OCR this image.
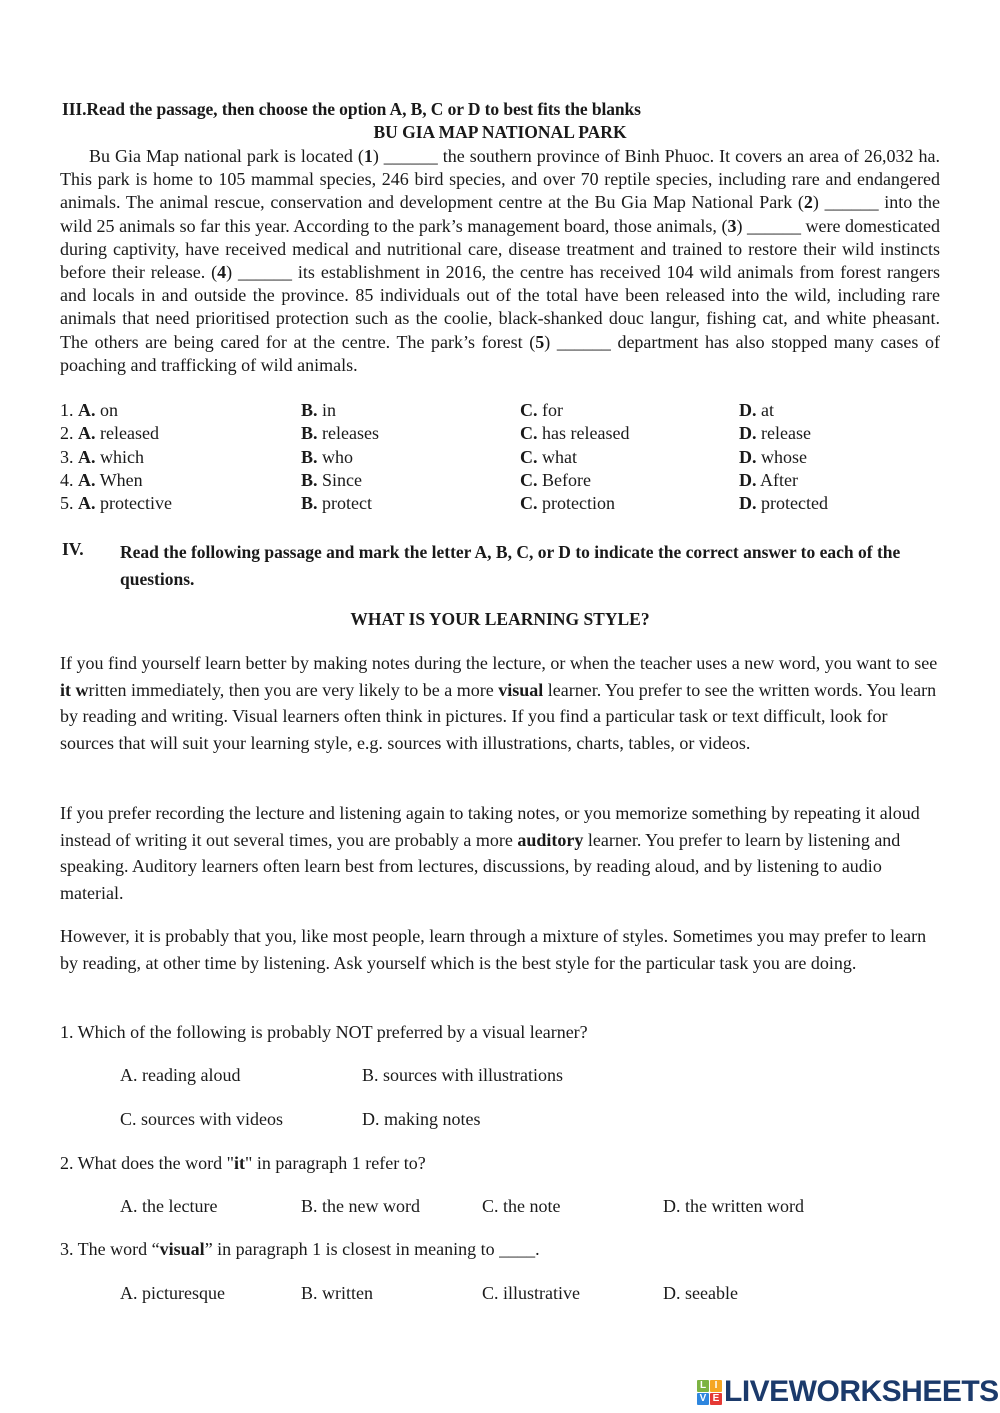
III.Read the passage, then choose the option A, B, C or D to best fits the blanks
BU GIA MAP NATIONAL PARK

Bu Gia Map national park is located (1) ______ the southern province of Binh Phuoc. It covers an area of 26,032 ha. This park is home to 105 mammal species, 246 bird species, and over 70 reptile species, including rare and endangered animals. The animal rescue, conservation and development centre at the Bu Gia Map National Park (2) ______ into the wild 25 animals so far this year. According to the park’s management board, those animals, (3) ______ were domesticated during captivity, have received medical and nutritional care, disease treatment and trained to restore their wild instincts before their release. (4) ______ its establishment in 2016, the centre has received 104 wild animals from forest rangers and locals in and outside the province. 85 individuals out of the total have been released into the wild, including rare animals that need prioritised protection such as the coolie, black-shanked douc langur, fishing cat, and white pheasant. The others are being cared for at the centre. The park’s forest (5) ______ department has also stopped many cases of poaching and trafficking of wild animals.

1. A. on	B. in	C. for	D. at
2. A. released	B. releases	C. has released	D. release
3. A. which	B. who	C. what	D. whose
4. A. When	B. Since	C. Before	D. After
5. A. protective	B. protect	C. protection	D. protected
IV. Read the following passage and mark the letter A, B, C, or D to indicate the correct answer to each of the questions.
WHAT IS YOUR LEARNING STYLE?

If you find yourself learn better by making notes during the lecture, or when the teacher uses a new word, you want to see it written immediately, then you are very likely to be a more visual learner. You prefer to see the written words. You learn by reading and writing. Visual learners often think in pictures. If you find a particular task or text difficult, look for sources that will suit your learning style, e.g. sources with illustrations, charts, tables, or videos.

If you prefer recording the lecture and listening again to taking notes, or you memorize something by repeating it aloud instead of writing it out several times, you are probably a more auditory learner. You prefer to learn by listening and speaking. Auditory learners often learn best from lectures, discussions, by reading aloud, and by listening to audio material.

However, it is probably that you, like most people, learn through a mixture of styles. Sometimes you may prefer to learn by reading, at other time by listening. Ask yourself which is the best style for the particular task you are doing.

1. Which of the following is probably NOT preferred by a visual learner?
A. reading aloud	B. sources with illustrations
C. sources with videos	D. making notes
2. What does the word "it" in paragraph 1 refer to?
A. the lecture	B. the new word	C. the note	D. the written word
3. The word “visual” in paragraph 1 is closest in meaning to ____.
A. picturesque	B. written	C. illustrative	D. seeable
L I
V E LIVEWORKSHEETS
